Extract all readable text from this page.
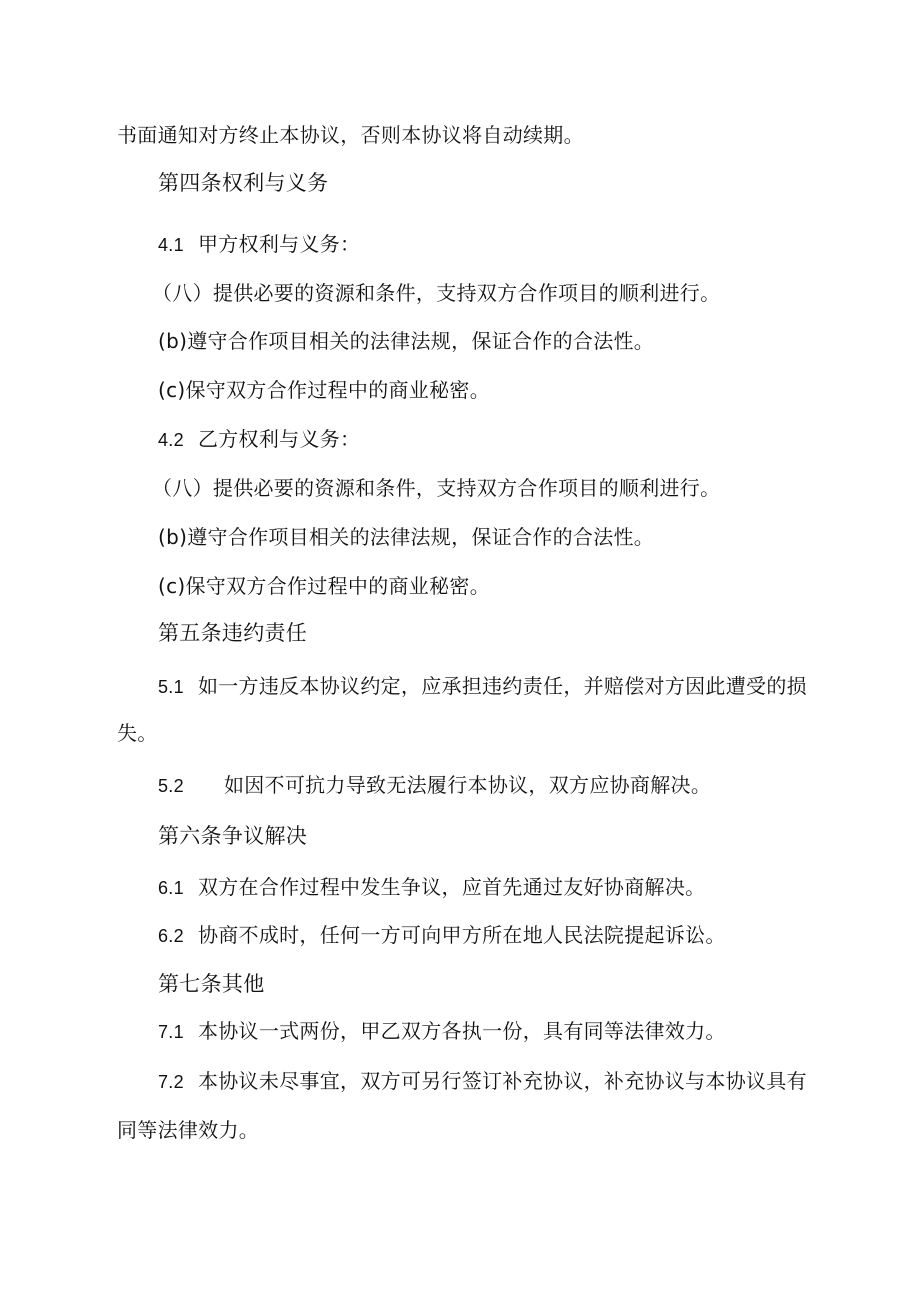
书面通知对方终止本协议，否则本协议将自动续期。
第四条权利与义务
4.1 甲方权利与义务：
（八）提供必要的资源和条件，支持双方合作项目的顺利进行。
(b)遵守合作项目相关的法律法规，保证合作的合法性。
(c)保守双方合作过程中的商业秘密。
4.2 乙方权利与义务：
（八）提供必要的资源和条件，支持双方合作项目的顺利进行。
(b)遵守合作项目相关的法律法规，保证合作的合法性。
(c)保守双方合作过程中的商业秘密。
第五条违约责任
5.1 如一方违反本协议约定，应承担违约责任，并赔偿对方因此遭受的损
失。
5.2 如因不可抗力导致无法履行本协议，双方应协商解决。
第六条争议解决
6.1 双方在合作过程中发生争议，应首先通过友好协商解决。
6.2 协商不成时，任何一方可向甲方所在地人民法院提起诉讼。
第七条其他
7.1 本协议一式两份，甲乙双方各执一份，具有同等法律效力。
7.2 本协议未尽事宜，双方可另行签订补充协议，补充协议与本协议具有
同等法律效力。
